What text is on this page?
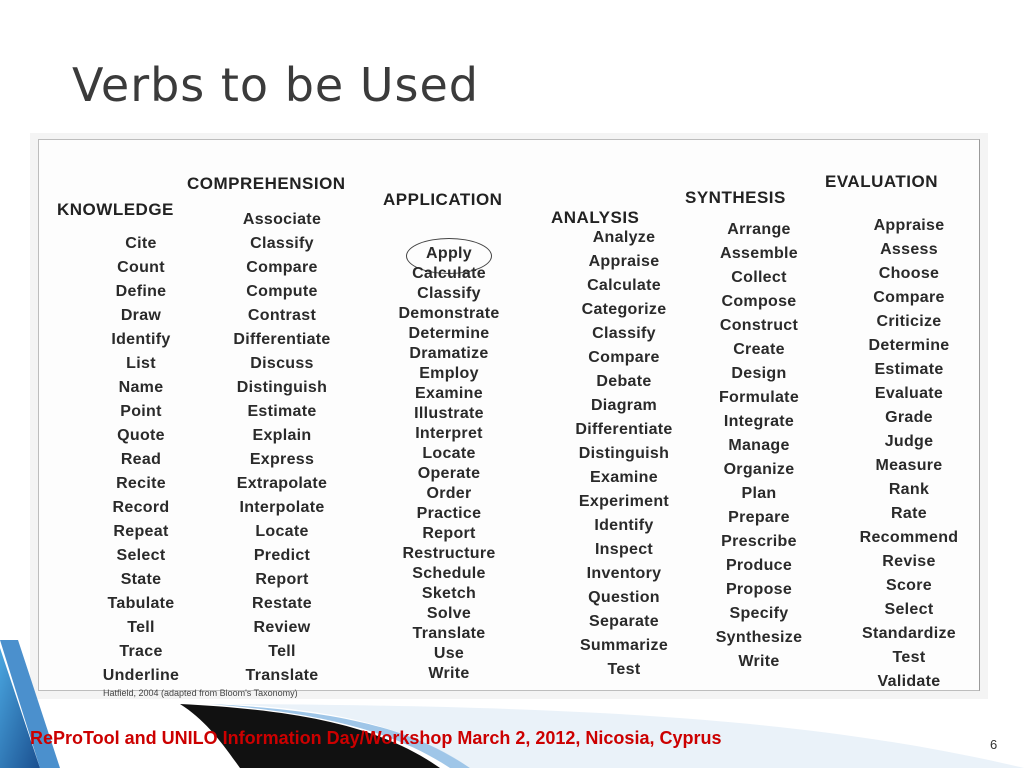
Verbs to be Used
KNOWLEDGE
Cite
Count
Define
Draw
Identify
List
Name
Point
Quote
Read
Recite
Record
Repeat
Select
State
Tabulate
Tell
Trace
Underline
COMPREHENSION
Associate
Classify
Compare
Compute
Contrast
Differentiate
Discuss
Distinguish
Estimate
Explain
Express
Extrapolate
Interpolate
Locate
Predict
Report
Restate
Review
Tell
Translate
APPLICATION
Apply
Calculate
Classify
Demonstrate
Determine
Dramatize
Employ
Examine
Illustrate
Interpret
Locate
Operate
Order
Practice
Report
Restructure
Schedule
Sketch
Solve
Translate
Use
Write
ANALYSIS
Analyze
Appraise
Calculate
Categorize
Classify
Compare
Debate
Diagram
Differentiate
Distinguish
Examine
Experiment
Identify
Inspect
Inventory
Question
Separate
Summarize
Test
SYNTHESIS
Arrange
Assemble
Collect
Compose
Construct
Create
Design
Formulate
Integrate
Manage
Organize
Plan
Prepare
Prescribe
Produce
Propose
Specify
Synthesize
Write
EVALUATION
Appraise
Assess
Choose
Compare
Criticize
Determine
Estimate
Evaluate
Grade
Judge
Measure
Rank
Rate
Recommend
Revise
Score
Select
Standardize
Test
Validate
Hatfield, 2004 (adapted from Bloom's Taxonomy)
ReProTool and UNILO Information Day/Workshop March 2, 2012, Nicosia, Cyprus	6
